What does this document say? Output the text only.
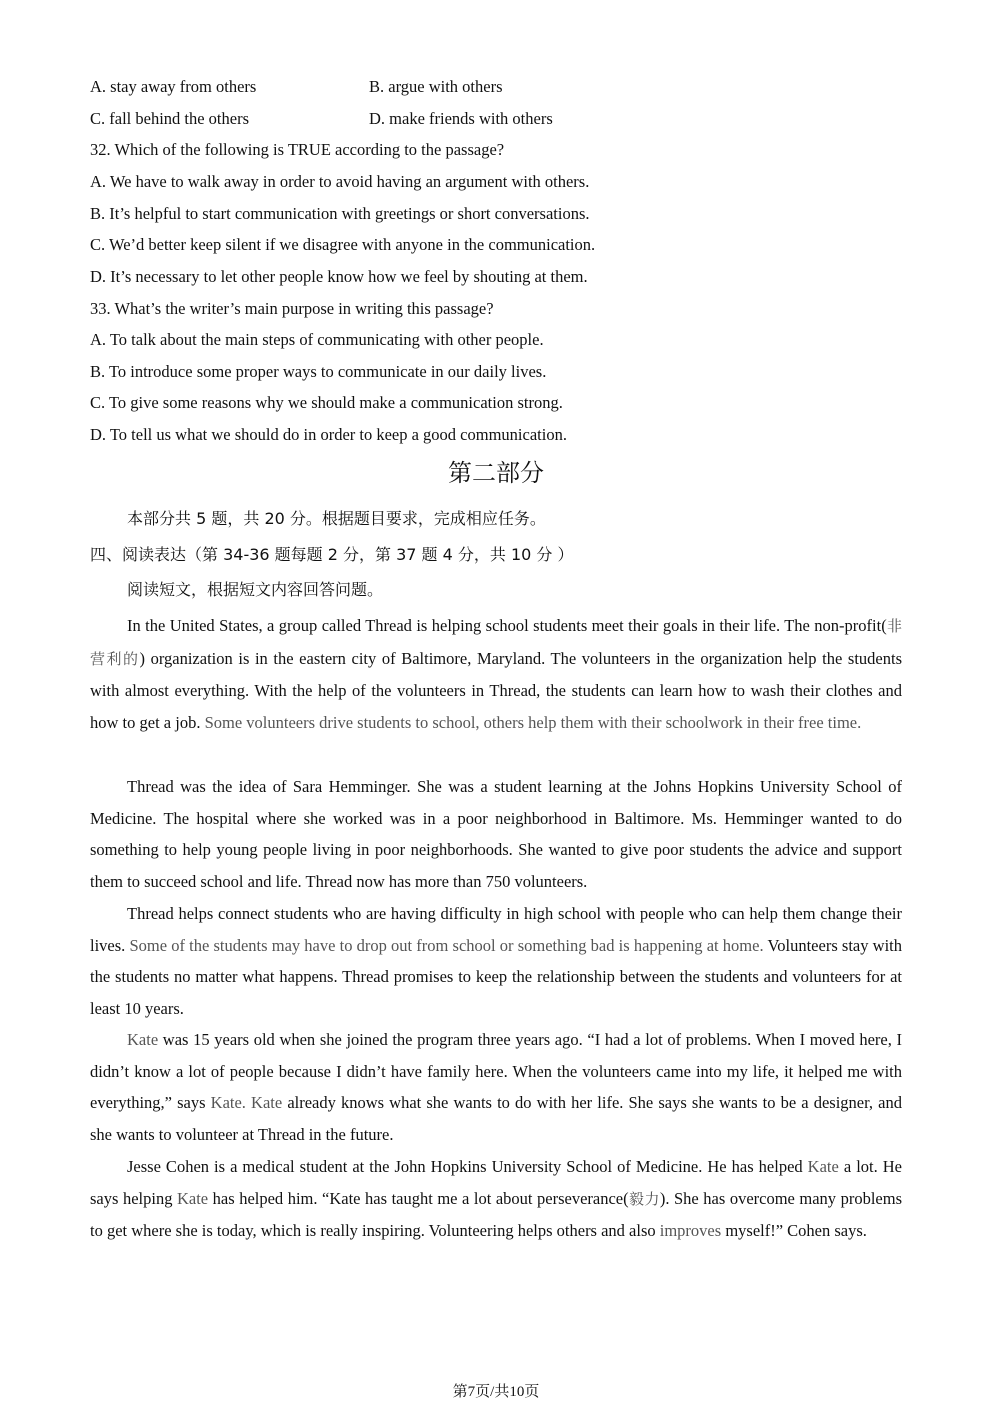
A. stay away from others	B. argue with others
C. fall behind the others	D. make friends with others
32. Which of the following is TRUE according to the passage?
A. We have to walk away in order to avoid having an argument with others.
B. It’s helpful to start communication with greetings or short conversations.
C. We’d better keep silent if we disagree with anyone in the communication.
D. It’s necessary to let other people know how we feel by shouting at them.
33. What’s the writer’s main purpose in writing this passage?
A. To talk about the main steps of communicating with other people.
B. To introduce some proper ways to communicate in our daily lives.
C. To give some reasons why we should make a communication strong.
D. To tell us what we should do in order to keep a good communication.
第二部分
本部分共 5 题，共 20 分。根据题目要求，完成相应任务。
四、阅读表达（第 34-36 题每题 2 分，第 37 题 4 分，共 10 分 ）
阅读短文，根据短文内容回答问题。
In the United States, a group called Thread is helping school students meet their goals in their life. The non-profit(非营利的) organization is in the eastern city of Baltimore, Maryland. The volunteers in the organization help the students with almost everything. With the help of the volunteers in Thread, the students can learn how to wash their clothes and how to get a job. Some volunteers drive students to school, others help them with their schoolwork in their free time.
Thread was the idea of Sara Hemminger. She was a student learning at the Johns Hopkins University School of Medicine. The hospital where she worked was in a poor neighborhood in Baltimore. Ms. Hemminger wanted to do something to help young people living in poor neighborhoods. She wanted to give poor students the advice and support them to succeed school and life. Thread now has more than 750 volunteers.
Thread helps connect students who are having difficulty in high school with people who can help them change their lives. Some of the students may have to drop out from school or something bad is happening at home. Volunteers stay with the students no matter what happens. Thread promises to keep the relationship between the students and volunteers for at least 10 years.
Kate was 15 years old when she joined the program three years ago. “I had a lot of problems. When I moved here, I didn’t know a lot of people because I didn’t have family here. When the volunteers came into my life, it helped me with everything,” says Kate. Kate already knows what she wants to do with her life. She says she wants to be a designer, and she wants to volunteer at Thread in the future.
Jesse Cohen is a medical student at the John Hopkins University School of Medicine. He has helped Kate a lot. He says helping Kate has helped him. “Kate has taught me a lot about perseverance(毅力). She has overcome many problems to get where she is today, which is really inspiring. Volunteering helps others and also improves myself!” Cohen says.
第7页/共10页
